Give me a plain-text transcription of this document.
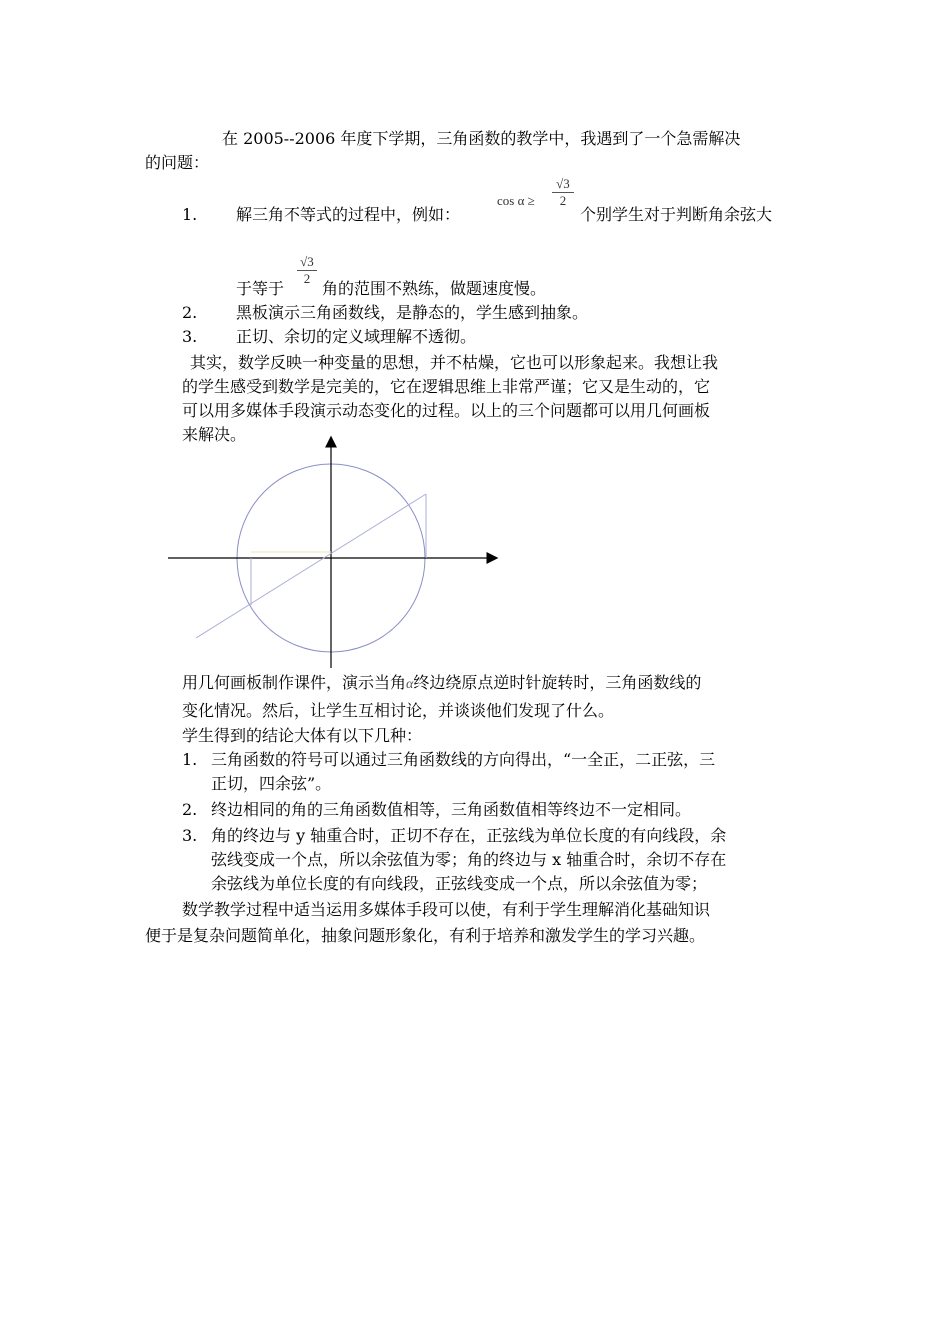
在 2005--2006 年度下学期，三角函数的教学中，我遇到了一个急需解决
的问题：
1. 解三角不等式的过程中，例如：
$\cos \alpha \ge \frac{√3}{2}$
个别学生对于判断角余弦大
$\frac{√3}{2}$
于等于 角的范围不熟练，做题速度慢。
2. 黑板演示三角函数线，是静态的，学生感到抽象。
3. 正切、余切的定义域理解不透彻。
其实，数学反映一种变量的思想，并不枯燥，它也可以形象起来。我想让我
的学生感受到数学是完美的，它在逻辑思维上非常严谨；它又是生动的，它
可以用多媒体手段演示动态变化的过程。以上的三个问题都可以用几何画板
来解决。
用几何画板制作课件，演示当角α终边绕原点逆时针旋转时，三角函数线的
变化情况。然后，让学生互相讨论，并谈谈他们发现了什么。
学生得到的结论大体有以下几种：
1. 三角函数的符号可以通过三角函数线的方向得出，“一全正，二正弦，三
正切，四余弦”。
2. 终边相同的角的三角函数值相等，三角函数值相等终边不一定相同。
3. 角的终边与 y 轴重合时，正切不存在，正弦线为单位长度的有向线段，余
弦线变成一个点，所以余弦值为零；角的终边与 x 轴重合时，余切不存在
余弦线为单位长度的有向线段，正弦线变成一个点，所以余弦值为零；
数学教学过程中适当运用多媒体手段可以使，有利于学生理解消化基础知识
便于是复杂问题简单化，抽象问题形象化，有利于培养和激发学生的学习兴趣。
